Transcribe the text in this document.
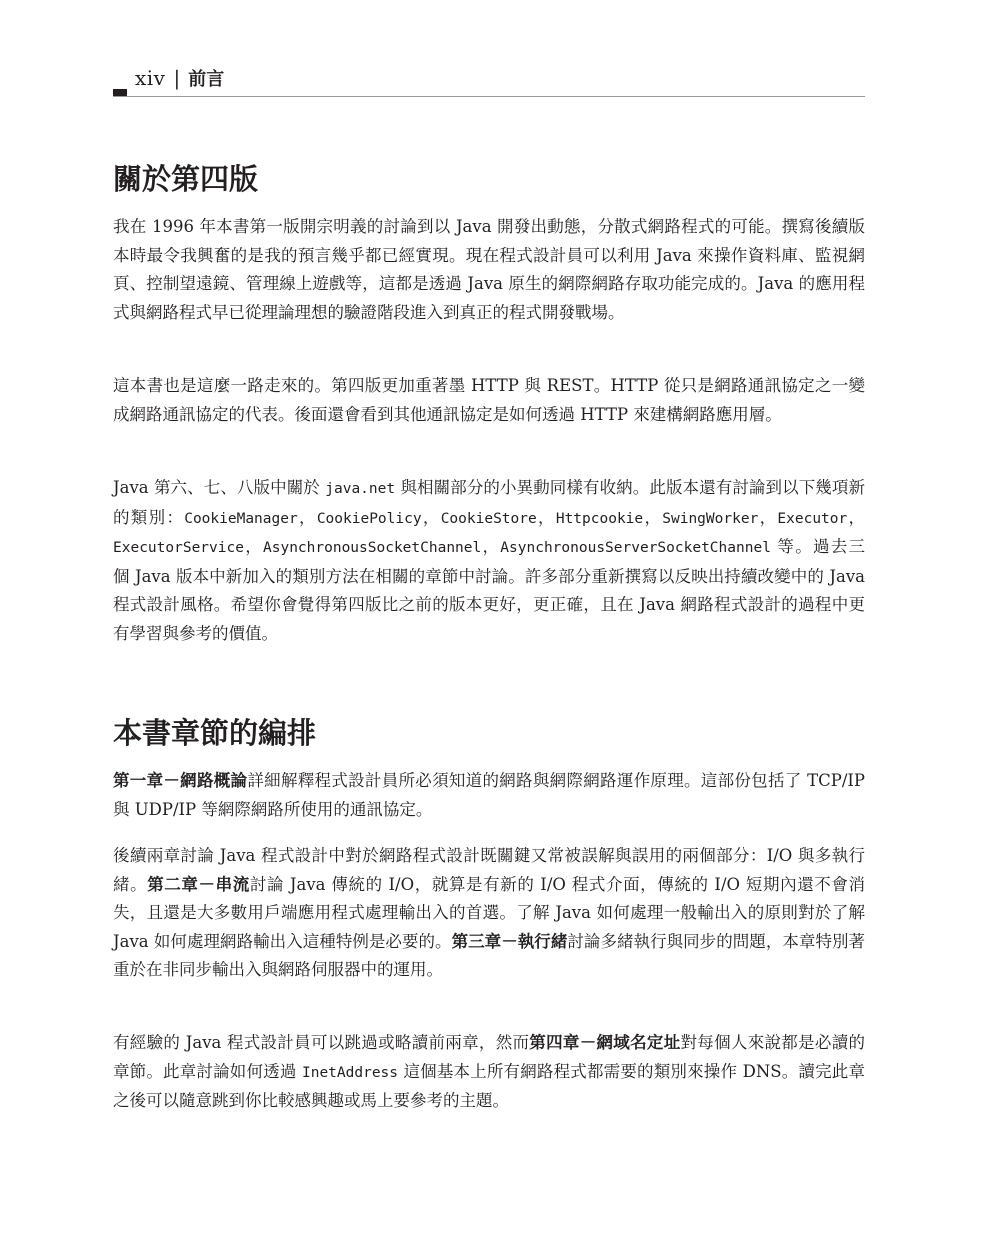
xiv | 前言
關於第四版

我在 1996 年本書第一版開宗明義的討論到以 Java 開發出動態，分散式網路程式的可能。撰寫後續版本時最令我興奮的是我的預言幾乎都已經實現。現在程式設計員可以利用 Java 來操作資料庫、監視網頁、控制望遠鏡、管理線上遊戲等，這都是透過 Java 原生的網際網路存取功能完成的。Java 的應用程式與網路程式早已從理論理想的驗證階段進入到真正的程式開發戰場。

這本書也是這麼一路走來的。第四版更加重著墨 HTTP 與 REST。HTTP 從只是網路通訊協定之一變成網路通訊協定的代表。後面還會看到其他通訊協定是如何透過 HTTP 來建構網路應用層。

Java 第六、七、八版中關於 java.net 與相關部分的小異動同樣有收納。此版本還有討論到以下幾項新的類別：CookieManager，CookiePolicy，CookieStore，Httpcookie，SwingWorker，Executor，ExecutorService，AsynchronousSocketChannel，AsynchronousServerSocketChannel 等。過去三個 Java 版本中新加入的類別方法在相關的章節中討論。許多部分重新撰寫以反映出持續改變中的 Java 程式設計風格。希望你會覺得第四版比之前的版本更好，更正確，且在 Java 網路程式設計的過程中更有學習與參考的價值。

本書章節的編排

第一章－網路概論詳細解釋程式設計員所必須知道的網路與網際網路運作原理。這部份包括了 TCP/IP 與 UDP/IP 等網際網路所使用的通訊協定。

後續兩章討論 Java 程式設計中對於網路程式設計既關鍵又常被誤解與誤用的兩個部分：I/O 與多執行緒。第二章－串流討論 Java 傳統的 I/O，就算是有新的 I/O 程式介面，傳統的 I/O 短期內還不會消失，且還是大多數用戶端應用程式處理輸出入的首選。了解 Java 如何處理一般輸出入的原則對於了解 Java 如何處理網路輸出入這種特例是必要的。第三章－執行緒討論多緒執行與同步的問題，本章特別著重於在非同步輸出入與網路伺服器中的運用。

有經驗的 Java 程式設計員可以跳過或略讀前兩章，然而第四章－網域名定址對每個人來說都是必讀的章節。此章討論如何透過 InetAddress 這個基本上所有網路程式都需要的類別來操作 DNS。讀完此章之後可以隨意跳到你比較感興趣或馬上要參考的主題。
